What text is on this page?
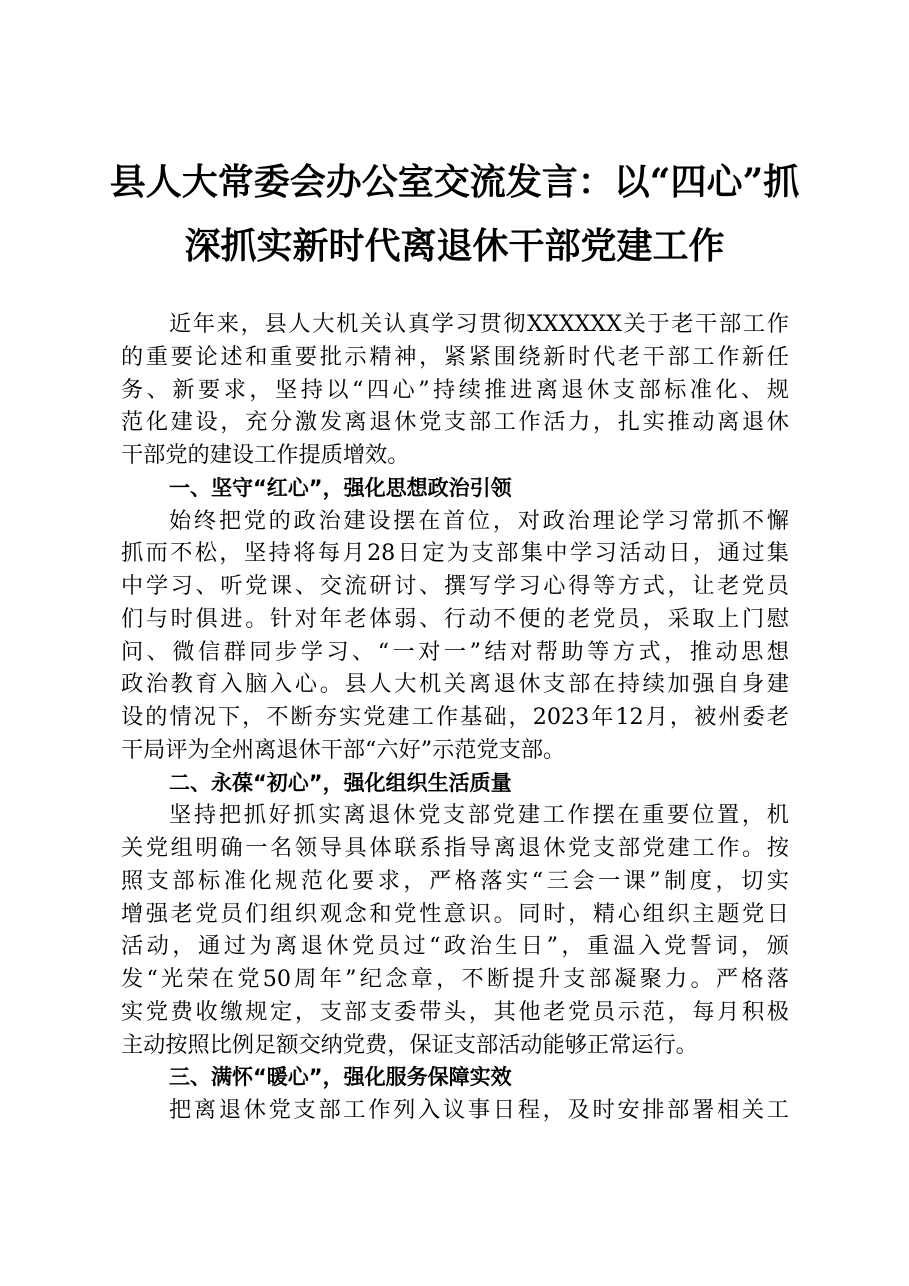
县人大常委会办公室交流发言：以“四心”抓
深抓实新时代离退休干部党建工作
近年来，县人大机关认真学习贯彻XXXXXX关于老干部工作
的重要论述和重要批示精神，紧紧围绕新时代老干部工作新任
务、新要求，坚持以“四心”持续推进离退休支部标准化、规
范化建设，充分激发离退休党支部工作活力，扎实推动离退休
干部党的建设工作提质增效。
一、坚守“红心”，强化思想政治引领
始终把党的政治建设摆在首位，对政治理论学习常抓不懈
抓而不松，坚持将每月28日定为支部集中学习活动日，通过集
中学习、听党课、交流研讨、撰写学习心得等方式，让老党员
们与时俱进。针对年老体弱、行动不便的老党员，采取上门慰
问、微信群同步学习、“一对一”结对帮助等方式，推动思想
政治教育入脑入心。县人大机关离退休支部在持续加强自身建
设的情况下，不断夯实党建工作基础，2023年12月，被州委老
干局评为全州离退休干部“六好”示范党支部。
二、永葆“初心”，强化组织生活质量
坚持把抓好抓实离退休党支部党建工作摆在重要位置，机
关党组明确一名领导具体联系指导离退休党支部党建工作。按
照支部标准化规范化要求，严格落实“三会一课”制度，切实
增强老党员们组织观念和党性意识。同时，精心组织主题党日
活动，通过为离退休党员过“政治生日”，重温入党誓词，颁
发“光荣在党50周年”纪念章，不断提升支部凝聚力。严格落
实党费收缴规定，支部支委带头，其他老党员示范，每月积极
主动按照比例足额交纳党费，保证支部活动能够正常运行。
三、满怀“暖心”，强化服务保障实效
把离退休党支部工作列入议事日程，及时安排部署相关工
